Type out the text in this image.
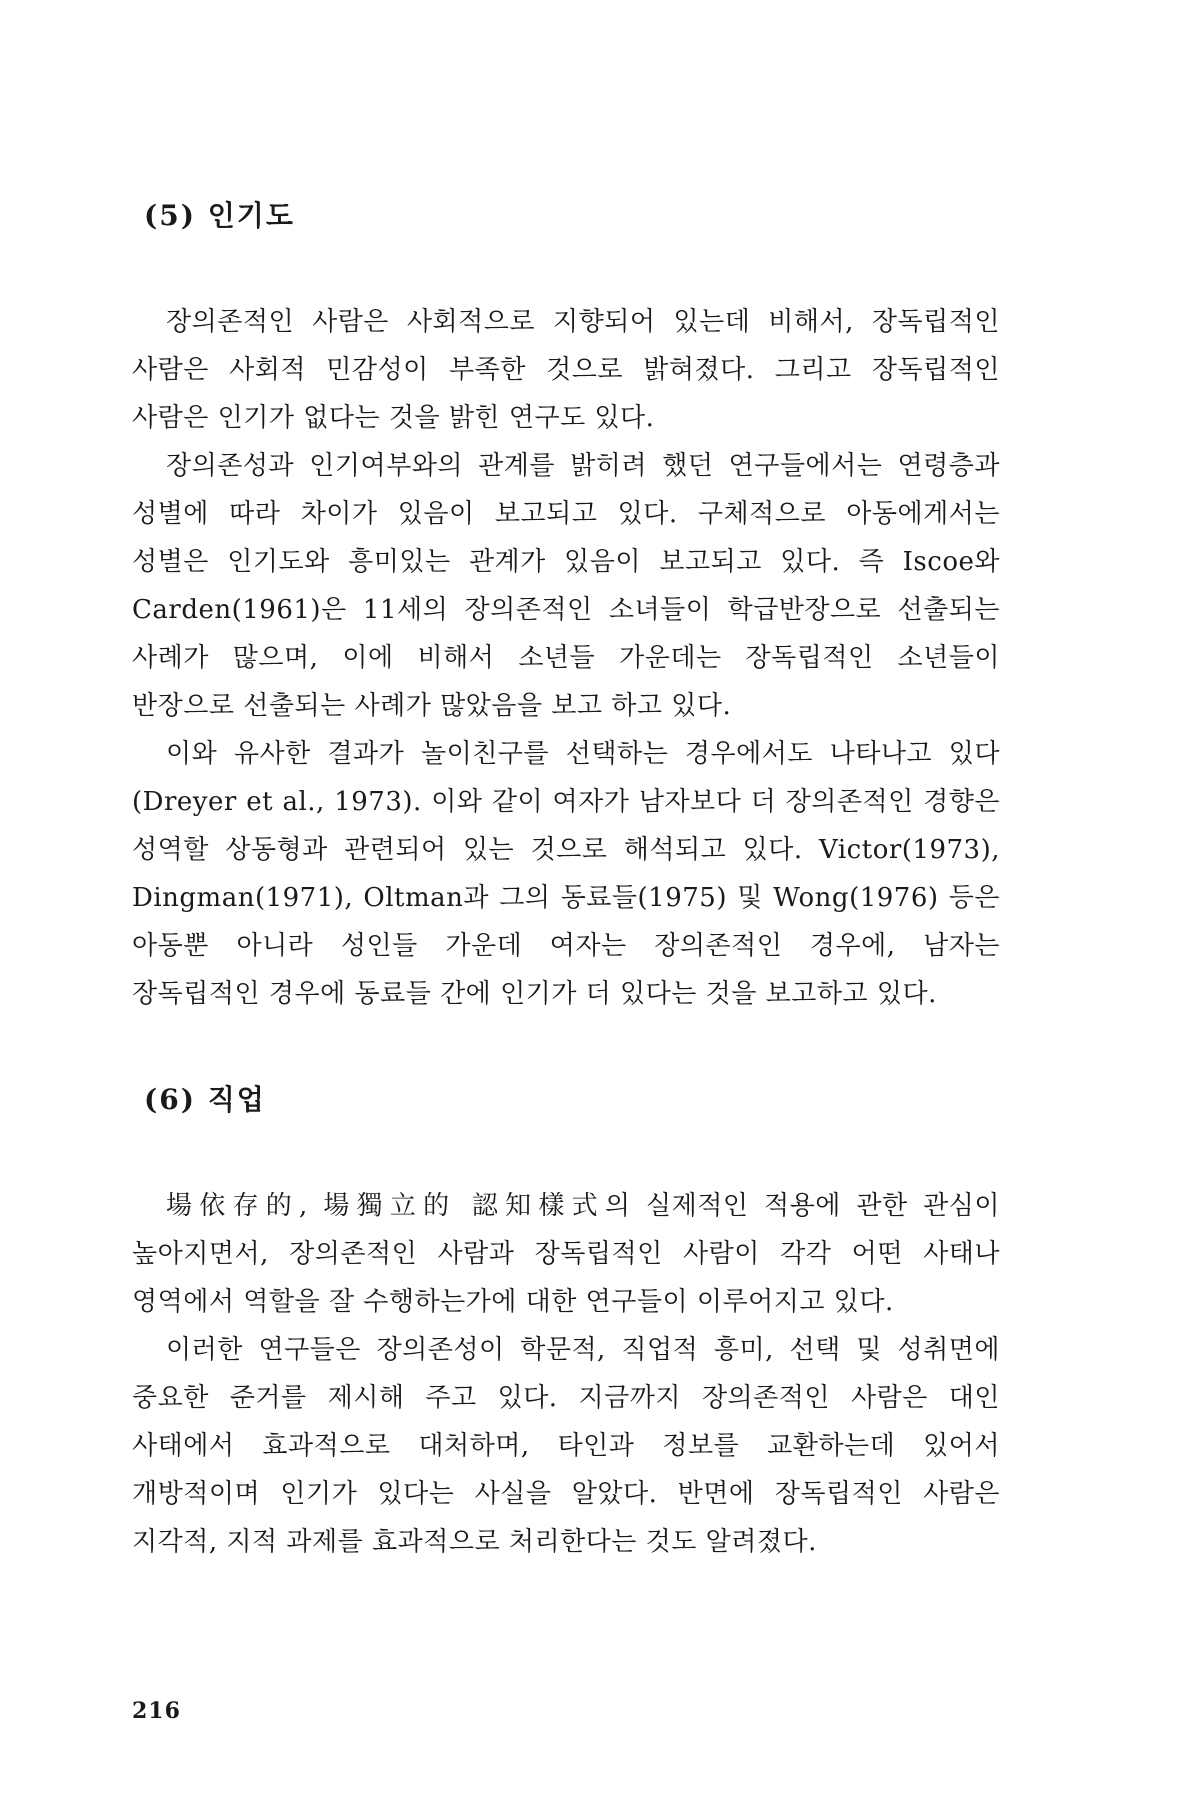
(5) 인기도

장의존적인 사람은 사회적으로 지향되어 있는데 비해서, 장독립적인 사람은 사회적 민감성이 부족한 것으로 밝혀졌다. 그리고 장독립적인 사람은 인기가 없다는 것을 밝힌 연구도 있다.

장의존성과 인기여부와의 관계를 밝히려 했던 연구들에서는 연령층과 성별에 따라 차이가 있음이 보고되고 있다. 구체적으로 아동에게서는 성별은 인기도와 흥미있는 관계가 있음이 보고되고 있다. 즉 Iscoe와 Carden(1961)은 11세의 장의존적인 소녀들이 학급반장으로 선출되는 사례가 많으며, 이에 비해서 소년들 가운데는 장독립적인 소년들이 반장으로 선출되는 사례가 많았음을 보고 하고 있다.

이와 유사한 결과가 놀이친구를 선택하는 경우에서도 나타나고 있다(Dreyer et al., 1973). 이와 같이 여자가 남자보다 더 장의존적인 경향은 성역할 상동형과 관련되어 있는 것으로 해석되고 있다. Victor(1973), Dingman(1971), Oltman과 그의 동료들(1975) 및 Wong(1976) 등은 아동뿐 아니라 성인들 가운데 여자는 장의존적인 경우에, 남자는 장독립적인 경우에 동료들 간에 인기가 더 있다는 것을 보고하고 있다.

(6) 직업

場依存的, 場獨立的 認知樣式의 실제적인 적용에 관한 관심이 높아지면서, 장의존적인 사람과 장독립적인 사람이 각각 어떤 사태나 영역에서 역할을 잘 수행하는가에 대한 연구들이 이루어지고 있다.

이러한 연구들은 장의존성이 학문적, 직업적 흥미, 선택 및 성취면에 중요한 준거를 제시해 주고 있다. 지금까지 장의존적인 사람은 대인 사태에서 효과적으로 대처하며, 타인과 정보를 교환하는데 있어서 개방적이며 인기가 있다는 사실을 알았다. 반면에 장독립적인 사람은 지각적, 지적 과제를 효과적으로 처리한다는 것도 알려졌다.

216
